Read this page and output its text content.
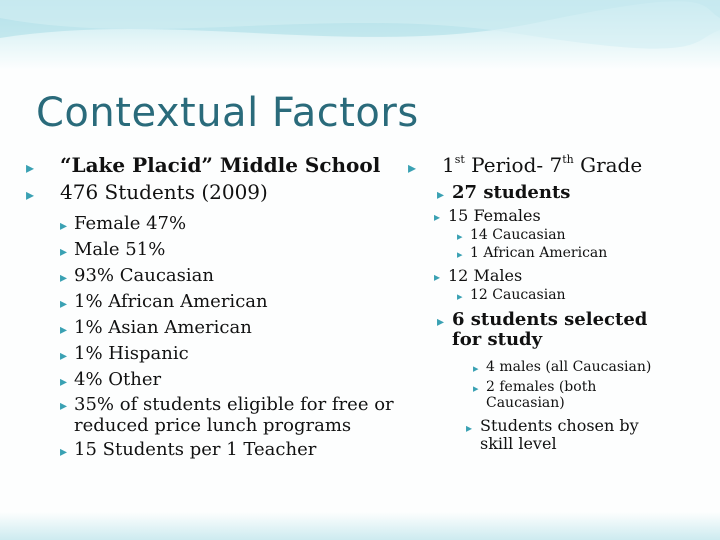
Contextual Factors
▸ “Lake Placid” Middle School
▸ 476 Students (2009)
▸ Female 47%
▸ Male 51%
▸ 93% Caucasian
▸ 1% African American
▸ 1% Asian American
▸ 1% Hispanic
▸ 4% Other
▸ 35% of students eligible for free or reduced price lunch programs
▸ 15 Students per 1 Teacher
▸ 1st Period- 7th Grade
▸ 27 students
▸ 15 Females
▸ 14 Caucasian
▸ 1 African American
▸ 12 Males
▸ 12 Caucasian
▸ 6 students selected for study
▸ 4 males (all Caucasian)
▸ 2 females (both Caucasian)
▸ Students chosen by skill level
